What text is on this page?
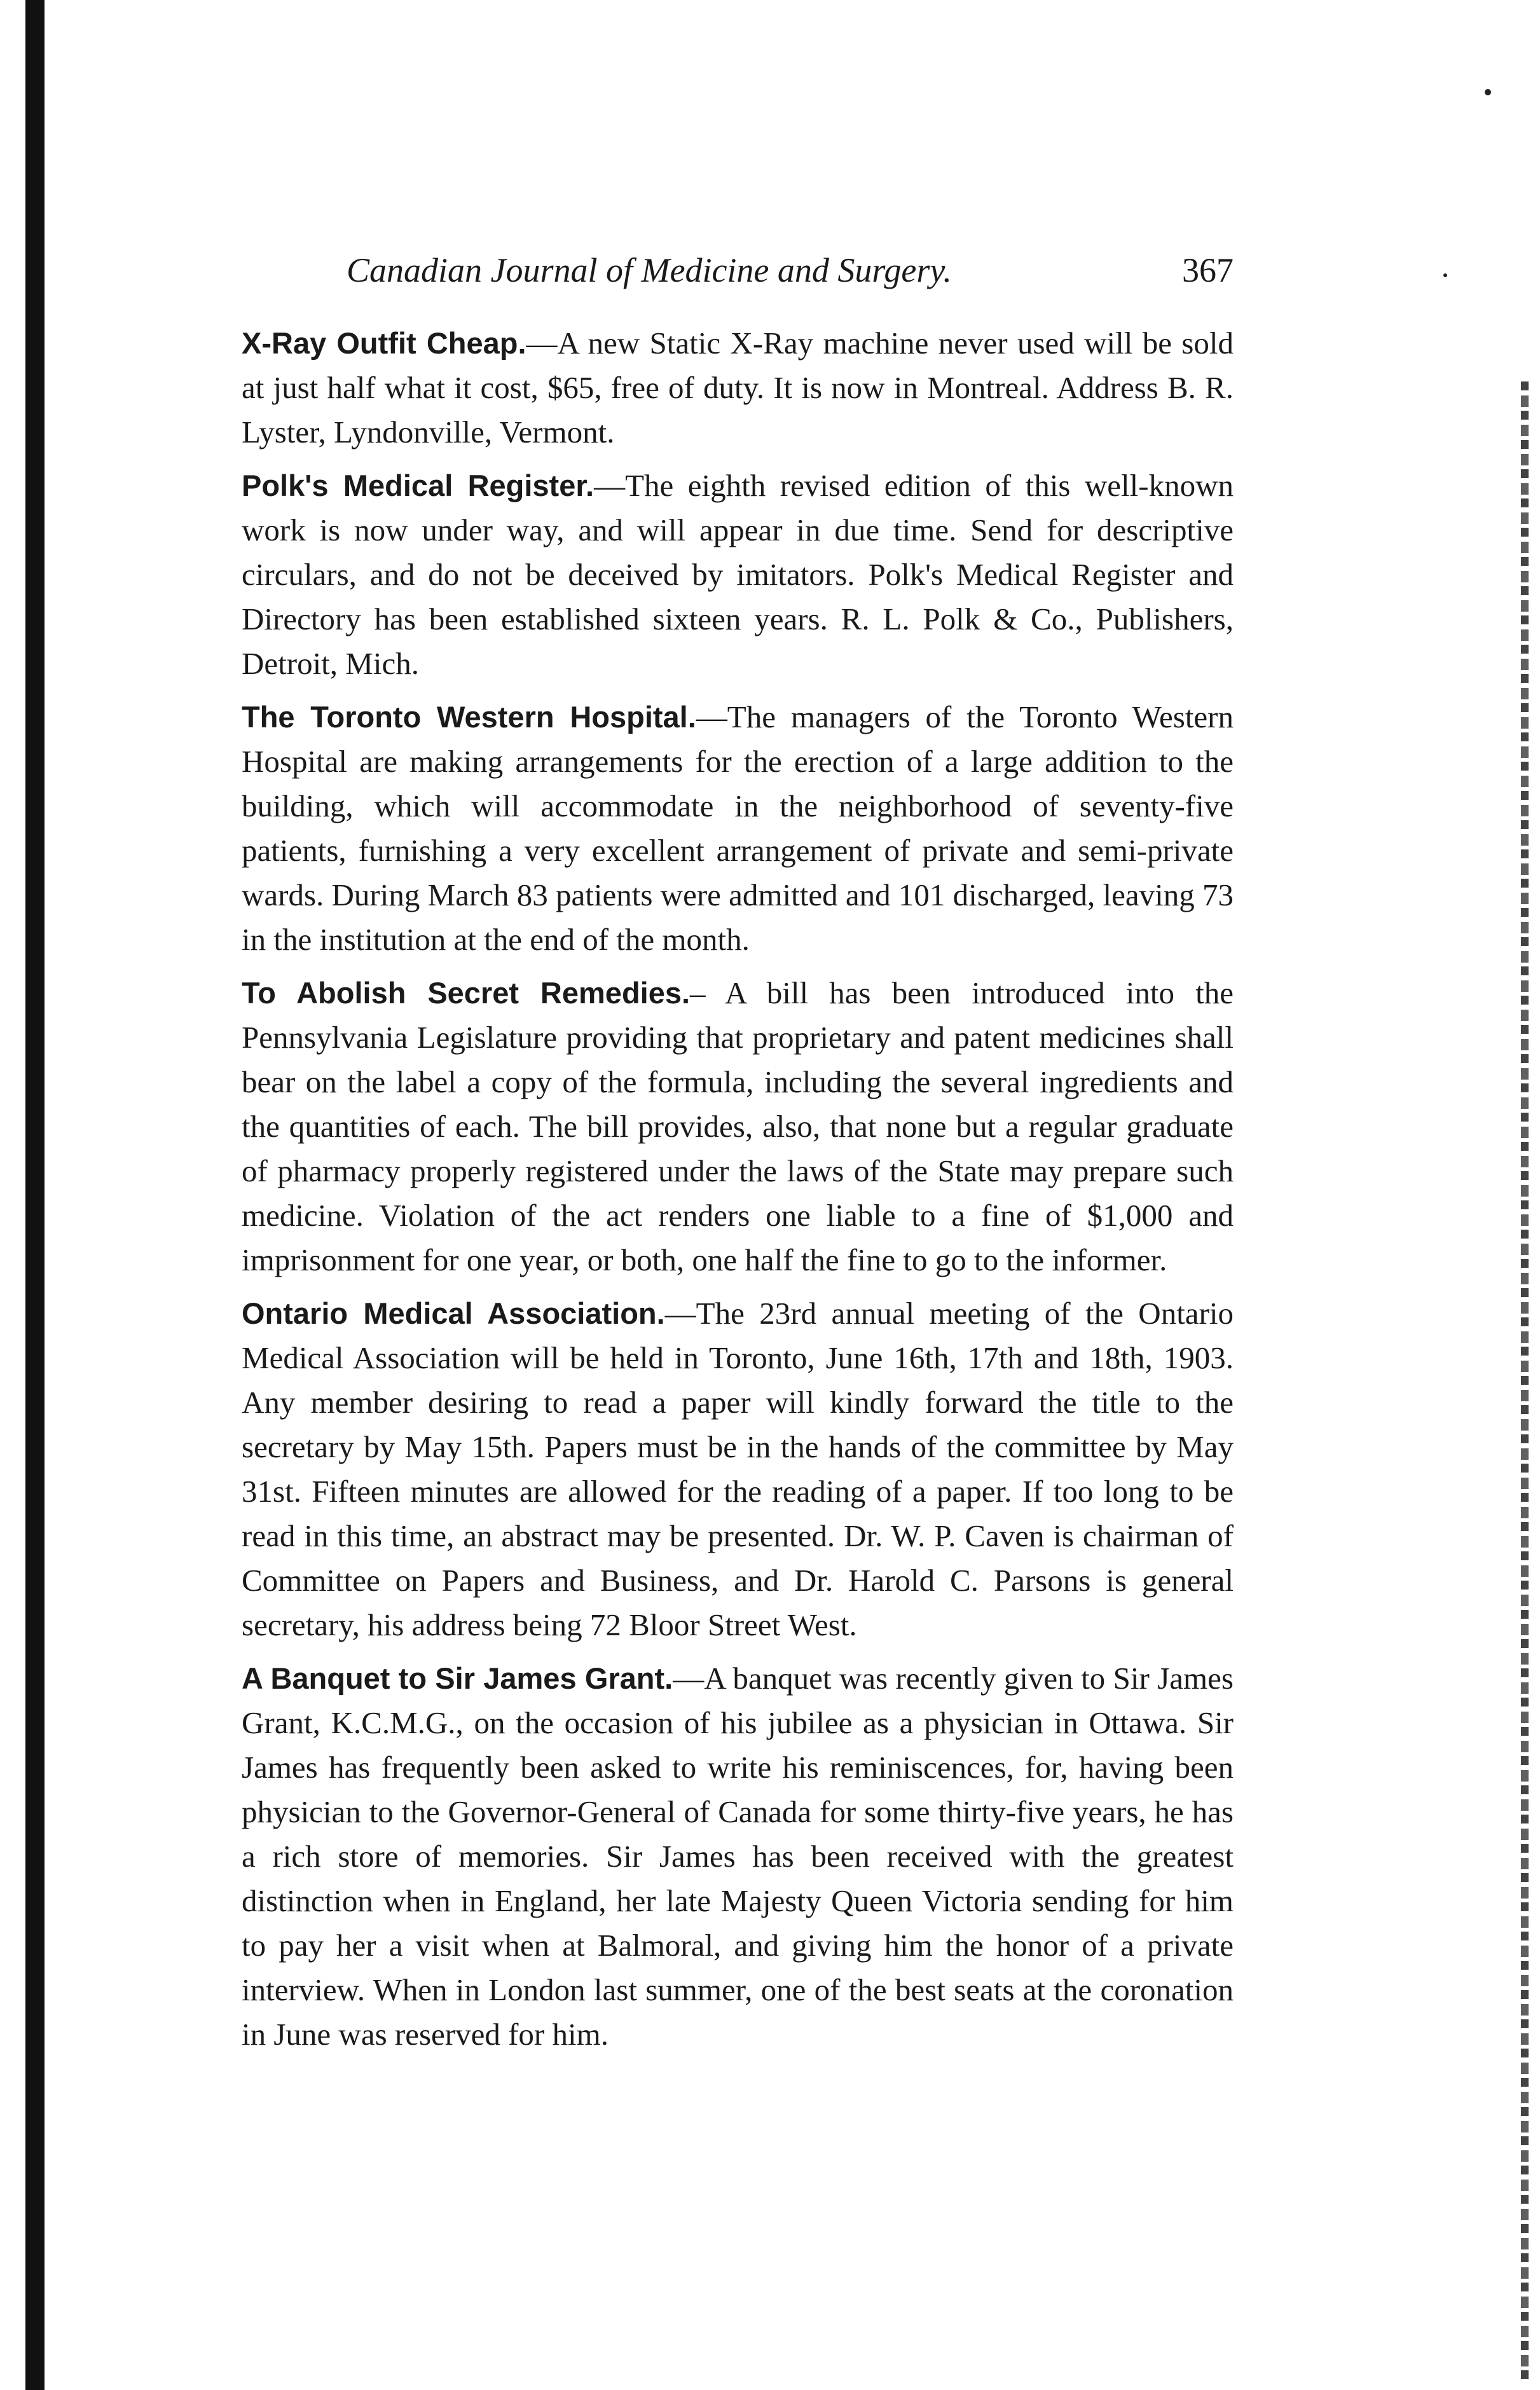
Canadian Journal of Medicine and Surgery.	367

X-Ray Outfit Cheap.—A new Static X-Ray machine never used will be sold at just half what it cost, $65, free of duty. It is now in Montreal. Address B. R. Lyster, Lyndonville, Vermont.

Polk's Medical Register.—The eighth revised edition of this well-known work is now under way, and will appear in due time. Send for descriptive circulars, and do not be deceived by imitators. Polk's Medical Register and Directory has been established sixteen years. R. L. Polk & Co., Publishers, Detroit, Mich.

The Toronto Western Hospital.—The managers of the Toronto Western Hospital are making arrangements for the erection of a large addition to the building, which will accommodate in the neighborhood of seventy-five patients, furnishing a very excellent arrangement of private and semi-private wards. During March 83 patients were admitted and 101 discharged, leaving 73 in the institution at the end of the month.

To Abolish Secret Remedies.– A bill has been introduced into the Pennsylvania Legislature providing that proprietary and patent medicines shall bear on the label a copy of the formula, including the several ingredients and the quantities of each. The bill provides, also, that none but a regular graduate of pharmacy properly registered under the laws of the State may prepare such medicine. Violation of the act renders one liable to a fine of $1,000 and imprisonment for one year, or both, one half the fine to go to the informer.

Ontario Medical Association.—The 23rd annual meeting of the Ontario Medical Association will be held in Toronto, June 16th, 17th and 18th, 1903. Any member desiring to read a paper will kindly forward the title to the secretary by May 15th. Papers must be in the hands of the committee by May 31st. Fifteen minutes are allowed for the reading of a paper. If too long to be read in this time, an abstract may be presented. Dr. W. P. Caven is chairman of Committee on Papers and Business, and Dr. Harold C. Parsons is general secretary, his address being 72 Bloor Street West.

A Banquet to Sir James Grant.—A banquet was recently given to Sir James Grant, K.C.M.G., on the occasion of his jubilee as a physician in Ottawa. Sir James has frequently been asked to write his reminiscences, for, having been physician to the Governor-General of Canada for some thirty-five years, he has a rich store of memories. Sir James has been received with the greatest distinction when in England, her late Majesty Queen Victoria sending for him to pay her a visit when at Balmoral, and giving him the honor of a private interview. When in London last summer, one of the best seats at the coronation in June was reserved for him.
